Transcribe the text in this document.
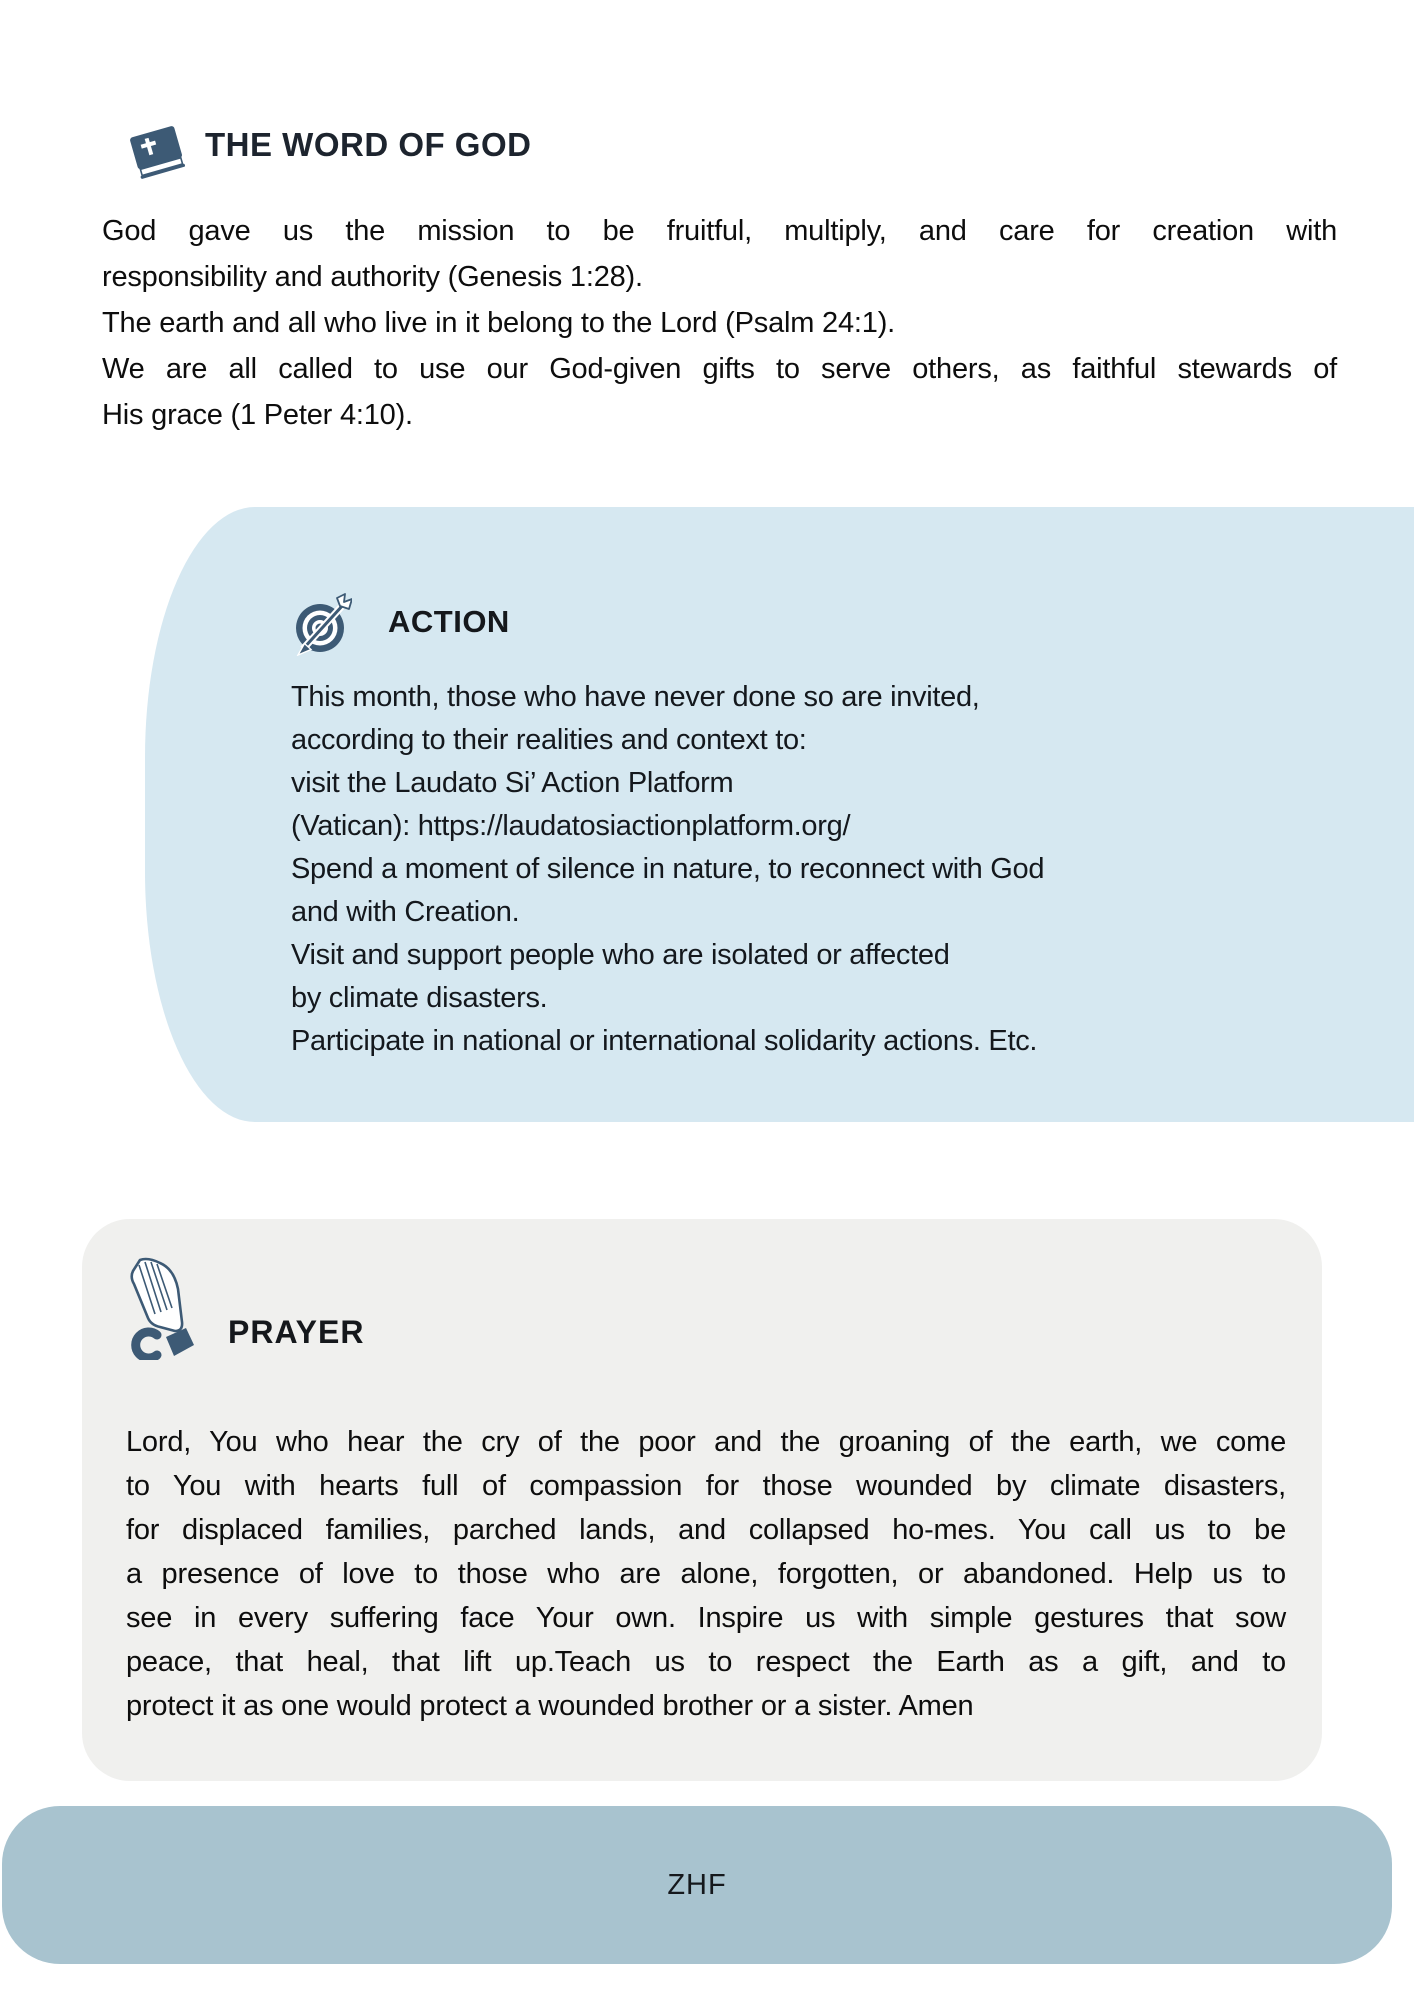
THE WORD OF GOD
God gave us the mission to be fruitful, multiply, and care for creation with
responsibility and authority (Genesis 1:28).
The earth and all who live in it belong to the Lord (Psalm 24:1).
We are all called to use our God-given gifts to serve others, as faithful stewards of
His grace (1 Peter 4:10).
ACTION
This month, those who have never done so are invited,
according to their realities and context to:
visit the Laudato Si’ Action Platform
(Vatican): https://laudatosiactionplatform.org/
Spend a moment of silence in nature, to reconnect with God
and with Creation.
Visit and support people who are isolated or affected
by climate disasters.
Participate in national or international solidarity actions. Etc.
PRAYER
Lord, You who hear the cry of the poor and the groaning of the earth, we come
to You with hearts full of compassion for those wounded by climate disasters,
for displaced families, parched lands, and collapsed ho-mes. You call us to be
a presence of love to those who are alone, forgotten, or abandoned. Help us to
see in every suffering face Your own. Inspire us with simple gestures that sow
peace, that heal, that lift up.Teach us to respect the Earth as a gift, and to
protect it as one would protect a wounded brother or a sister. Amen
ZHF
